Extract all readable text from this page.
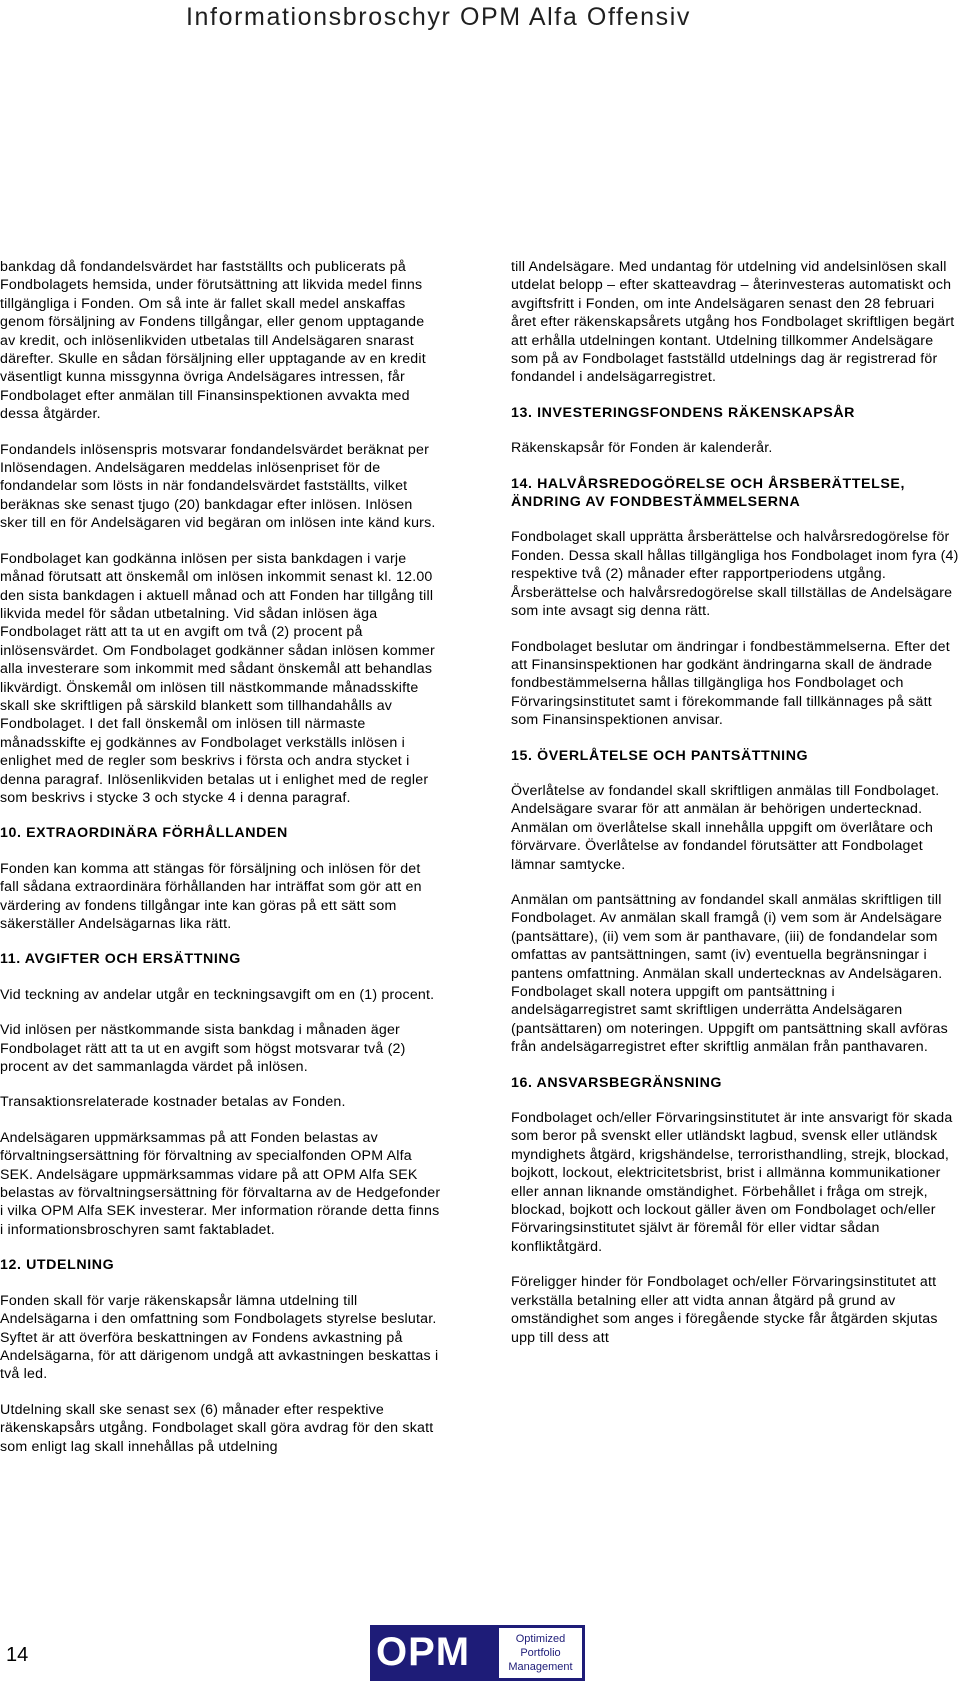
Informationsbroschyr OPM Alfa Offensiv
bankdag då fondandelsvärdet har fastställts och publicerats på Fondbolagets hemsida, under förutsättning att likvida medel finns tillgängliga i Fonden. Om så inte är fallet skall medel anskaffas genom försäljning av Fondens tillgångar, eller genom upptagande av kredit, och inlösenlikviden utbetalas till Andelsägaren snarast därefter. Skulle en sådan försäljning eller upptagande av en kredit väsentligt kunna missgynna övriga Andelsägares intressen, får Fondbolaget efter anmälan till Finansinspektionen avvakta med dessa åtgärder.
Fondandels inlösenspris motsvarar fondandelsvärdet beräknat per Inlösendagen. Andelsägaren meddelas inlösenpriset för de fondandelar som lösts in när fondandelsvärdet fastställts, vilket beräknas ske senast tjugo (20) bankdagar efter inlösen. Inlösen sker till en för Andelsägaren vid begäran om inlösen inte känd kurs.
Fondbolaget kan godkänna inlösen per sista bankdagen i varje månad förutsatt att önskemål om inlösen inkommit senast kl. 12.00 den sista bankdagen i aktuell månad och att Fonden har tillgång till likvida medel för sådan utbetalning. Vid sådan inlösen äga Fondbolaget rätt att ta ut en avgift om två (2) procent på inlösensvärdet. Om Fondbolaget godkänner sådan inlösen kommer alla investerare som inkommit med sådant önskemål att behandlas likvärdigt. Önskemål om inlösen till nästkommande månadsskifte skall ske skriftligen på särskild blankett som tillhandahålls av Fondbolaget. I det fall önskemål om inlösen till närmaste månadsskifte ej godkännes av Fondbolaget verkställs inlösen i enlighet med de regler som beskrivs i första och andra stycket i denna paragraf. Inlösenlikviden betalas ut i enlighet med de regler som beskrivs i stycke 3 och stycke 4 i denna paragraf.
10. EXTRAORDINÄRA FÖRHÅLLANDEN
Fonden kan komma att stängas för försäljning och inlösen för det fall sådana extraordinära förhållanden har inträffat som gör att en värdering av fondens tillgångar inte kan göras på ett sätt som säkerställer Andelsägarnas lika rätt.
11. AVGIFTER OCH ERSÄTTNING
Vid teckning av andelar utgår en teckningsavgift om en (1) procent.
Vid inlösen per nästkommande sista bankdag i månaden äger Fondbolaget rätt att ta ut en avgift som högst motsvarar två (2) procent av det sammanlagda värdet på inlösen.
Transaktionsrelaterade kostnader betalas av Fonden.
Andelsägaren uppmärksammas på att Fonden belastas av förvaltningsersättning för förvaltning av specialfonden OPM Alfa SEK. Andelsägare uppmärksammas vidare på att OPM Alfa SEK belastas av förvaltningsersättning för förvaltarna av de Hedgefonder i vilka OPM Alfa SEK investerar. Mer information rörande detta finns i informationsbroschyren samt faktabladet.
12. UTDELNING
Fonden skall för varje räkenskapsår lämna utdelning till Andelsägarna i den omfattning som Fondbolagets styrelse beslutar. Syftet är att överföra beskattningen av Fondens avkastning på Andelsägarna, för att därigenom undgå att avkastningen beskattas i två led.
Utdelning skall ske senast sex (6) månader efter respektive räkenskapsårs utgång. Fondbolaget skall göra avdrag för den skatt som enligt lag skall innehållas på utdelning
till Andelsägare. Med undantag för utdelning vid andelsinlösen skall utdelat belopp – efter skatteavdrag – återinvesteras automatiskt och avgiftsfritt i Fonden, om inte Andelsägaren senast den 28 februari året efter räkenskapsårets utgång hos Fondbolaget skriftligen begärt att erhålla utdelningen kontant. Utdelning tillkommer Andelsägare som på av Fondbolaget fastställd utdelnings dag är registrerad för fondandel i andelsägarregistret.
13. INVESTERINGSFONDENS RÄKENSKAPSÅR
Räkenskapsår för Fonden är kalenderår.
14. HALVÅRSREDOGÖRELSE OCH ÅRSBERÄTTELSE, ÄNDRING AV FONDBESTÄMMELSERNA
Fondbolaget skall upprätta årsberättelse och halvårsredogörelse för Fonden. Dessa skall hållas tillgängliga hos Fondbolaget inom fyra (4) respektive två (2) månader efter rapportperiodens utgång. Årsberättelse och halvårsredogörelse skall tillställas de Andelsägare som inte avsagt sig denna rätt.
Fondbolaget beslutar om ändringar i fondbestämmelserna. Efter det att Finansinspektionen har godkänt ändringarna skall de ändrade fondbestämmelserna hållas tillgängliga hos Fondbolaget och Förvaringsinstitutet samt i förekommande fall tillkännages på sätt som Finansinspektionen anvisar.
15. ÖVERLÅTELSE OCH PANTSÄTTNING
Överlåtelse av fondandel skall skriftligen anmälas till Fondbolaget. Andelsägare svarar för att anmälan är behörigen undertecknad. Anmälan om överlåtelse skall innehålla uppgift om överlåtare och förvärvare. Överlåtelse av fondandel förutsätter att Fondbolaget lämnar samtycke.
Anmälan om pantsättning av fondandel skall anmälas skriftligen till Fondbolaget. Av anmälan skall framgå (i) vem som är Andelsägare (pantsättare), (ii) vem som är panthavare, (iii) de fondandelar som omfattas av pantsättningen, samt (iv) eventuella begränsningar i pantens omfattning. Anmälan skall undertecknas av Andelsägaren. Fondbolaget skall notera uppgift om pantsättning i andelsägarregistret samt skriftligen underrätta Andelsägaren (pantsättaren) om noteringen. Uppgift om pantsättning skall avföras från andelsägarregistret efter skriftlig anmälan från panthavaren.
16. ANSVARSBEGRÄNSNING
Fondbolaget och/eller Förvaringsinstitutet är inte ansvarigt för skada som beror på svenskt eller utländskt lagbud, svensk eller utländsk myndighets åtgärd, krigshändelse, terroristhandling, strejk, blockad, bojkott, lockout, elektricitetsbrist, brist i allmänna kommunikationer eller annan liknande omständighet. Förbehållet i fråga om strejk, blockad, bojkott och lockout gäller även om Fondbolaget och/eller Förvaringsinstitutet självt är föremål för eller vidtar sådan konfliktåtgärd.
Föreligger hinder för Fondbolaget och/eller Förvaringsinstitutet att verkställa betalning eller att vidta annan åtgärd på grund av omständighet som anges i föregående stycke får åtgärden skjutas upp till dess att
14	OPM	Optimized
Portfolio
Management
